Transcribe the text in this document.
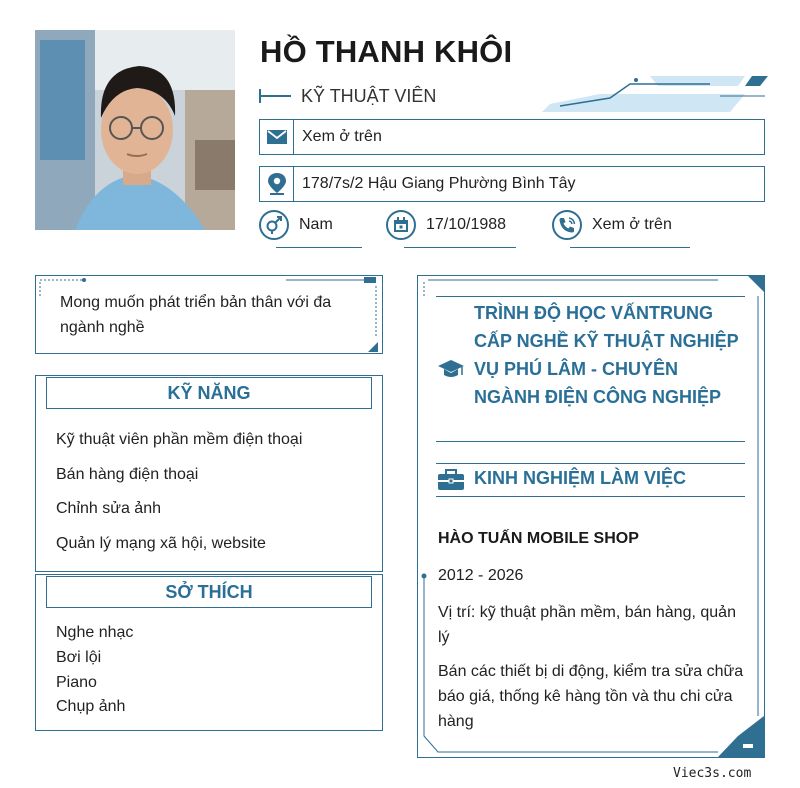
HỒ THANH KHÔI
KỸ THUẬT VIÊN
Xem ở trên
178/7s/2 Hậu Giang Phường Bình Tây
Nam	17/10/1988	Xem ở trên
Mong muốn phát triển bản thân với đa ngành nghề
KỸ NĂNG
Kỹ thuật viên phần mềm điện thoại
Bán hàng điện thoại
Chỉnh sửa ảnh
Quản lý mạng xã hội, website
SỞ THÍCH
Nghe nhạc
Bơi lội
Piano
Chụp ảnh
TRÌNH ĐỘ HỌC VẤNTRUNG CẤP NGHỀ KỸ THUẬT NGHIỆP VỤ PHÚ LÂM - CHUYÊN NGÀNH ĐIỆN CÔNG NGHIỆP
KINH NGHIỆM LÀM VIỆC
HÀO TUẤN MOBILE SHOP
2012 - 2026
Vị trí: kỹ thuật phần mềm, bán hàng, quản lý
Bán các thiết bị di động, kiểm tra sửa chữa báo giá, thống kê hàng tồn và thu chi cửa hàng
Viec3s.com
